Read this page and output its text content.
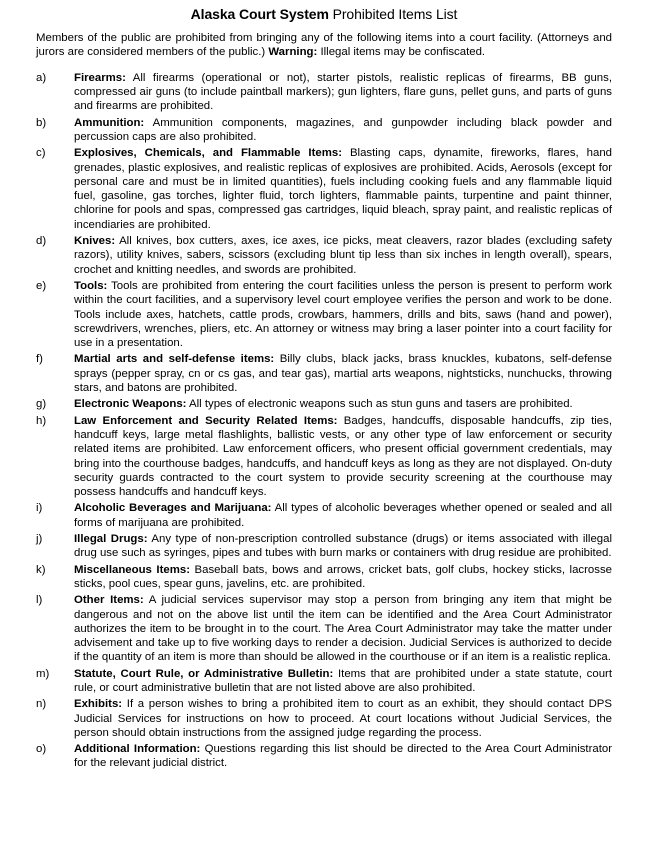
Alaska Court System Prohibited Items List

Members of the public are prohibited from bringing any of the following items into a court facility. (Attorneys and jurors are considered members of the public.) Warning: Illegal items may be confiscated.

a)	Firearms: All firearms (operational or not), starter pistols, realistic replicas of firearms, BB guns, compressed air guns (to include paintball markers); gun lighters, flare guns, pellet guns, and parts of guns and firearms are prohibited.
b)	Ammunition: Ammunition components, magazines, and gunpowder including black powder and percussion caps are also prohibited.
c)	Explosives, Chemicals, and Flammable Items: Blasting caps, dynamite, fireworks, flares, hand grenades, plastic explosives, and realistic replicas of explosives are prohibited. Acids, Aerosols (except for personal care and must be in limited quantities), fuels including cooking fuels and any flammable liquid fuel, gasoline, gas torches, lighter fluid, torch lighters, flammable paints, turpentine and paint thinner, chlorine for pools and spas, compressed gas cartridges, liquid bleach, spray paint, and realistic replicas of incendiaries are prohibited.
d)	Knives: All knives, box cutters, axes, ice axes, ice picks, meat cleavers, razor blades (excluding safety razors), utility knives, sabers, scissors (excluding blunt tip less than six inches in length overall), spears, crochet and knitting needles, and swords are prohibited.
e)	Tools: Tools are prohibited from entering the court facilities unless the person is present to perform work within the court facilities, and a supervisory level court employee verifies the person and work to be done. Tools include axes, hatchets, cattle prods, crowbars, hammers, drills and bits, saws (hand and power), screwdrivers, wrenches, pliers, etc. An attorney or witness may bring a laser pointer into a court facility for use in a presentation.
f)	Martial arts and self-defense items: Billy clubs, black jacks, brass knuckles, kubatons, self-defense sprays (pepper spray, cn or cs gas, and tear gas), martial arts weapons, nightsticks, nunchucks, throwing stars, and batons are prohibited.
g)	Electronic Weapons: All types of electronic weapons such as stun guns and tasers are prohibited.
h)	Law Enforcement and Security Related Items: Badges, handcuffs, disposable handcuffs, zip ties, handcuff keys, large metal flashlights, ballistic vests, or any other type of law enforcement or security related items are prohibited. Law enforcement officers, who present official government credentials, may bring into the courthouse badges, handcuffs, and handcuff keys as long as they are not displayed. On-duty security guards contracted to the court system to provide security screening at the courthouse may possess handcuffs and handcuff keys.
i)	Alcoholic Beverages and Marijuana: All types of alcoholic beverages whether opened or sealed and all forms of marijuana are prohibited.
j)	Illegal Drugs: Any type of non-prescription controlled substance (drugs) or items associated with illegal drug use such as syringes, pipes and tubes with burn marks or containers with drug residue are prohibited.
k)	Miscellaneous Items: Baseball bats, bows and arrows, cricket bats, golf clubs, hockey sticks, lacrosse sticks, pool cues, spear guns, javelins, etc. are prohibited.
l)	Other Items: A judicial services supervisor may stop a person from bringing any item that might be dangerous and not on the above list until the item can be identified and the Area Court Administrator authorizes the item to be brought in to the court. The Area Court Administrator may take the matter under advisement and take up to five working days to render a decision. Judicial Services is authorized to decide if the quantity of an item is more than should be allowed in the courthouse or if an item is a realistic replica.
m)	Statute, Court Rule, or Administrative Bulletin: Items that are prohibited under a state statute, court rule, or court administrative bulletin that are not listed above are also prohibited.
n)	Exhibits: If a person wishes to bring a prohibited item to court as an exhibit, they should contact DPS Judicial Services for instructions on how to proceed. At court locations without Judicial Services, the person should obtain instructions from the assigned judge regarding the process.
o)	Additional Information: Questions regarding this list should be directed to the Area Court Administrator for the relevant judicial district.
